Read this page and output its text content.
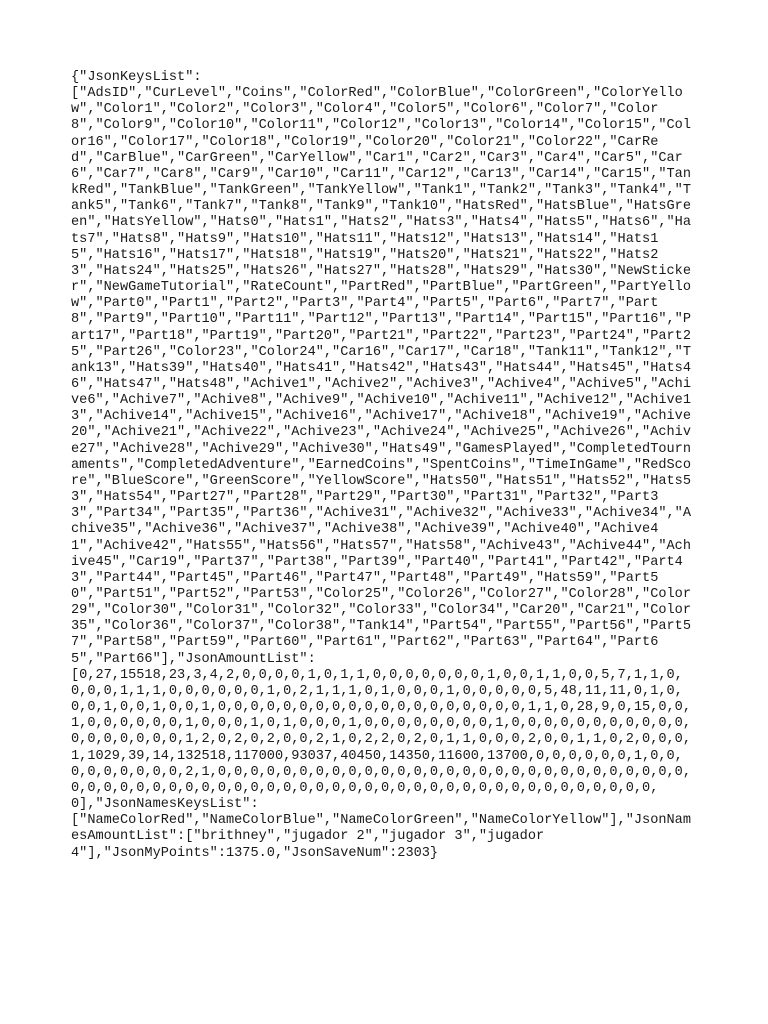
{"JsonKeysList":
["AdsID","CurLevel","Coins","ColorRed","ColorBlue","ColorGreen","ColorYellow","Color1","Color2","Color3","Color4","Color5","Color6","Color7","Color8","Color9","Color10","Color11","Color12","Color13","Color14","Color15","Color16","Color17","Color18","Color19","Color20","Color21","Color22","CarRed","CarBlue","CarGreen","CarYellow","Car1","Car2","Car3","Car4","Car5","Car6","Car7","Car8","Car9","Car10","Car11","Car12","Car13","Car14","Car15","TankRed","TankBlue","TankGreen","TankYellow","Tank1","Tank2","Tank3","Tank4","Tank5","Tank6","Tank7","Tank8","Tank9","Tank10","HatsRed","HatsBlue","HatsGreen","HatsYellow","Hats0","Hats1","Hats2","Hats3","Hats4","Hats5","Hats6","Hats7","Hats8","Hats9","Hats10","Hats11","Hats12","Hats13","Hats14","Hats15","Hats16","Hats17","Hats18","Hats19","Hats20","Hats21","Hats22","Hats23","Hats24","Hats25","Hats26","Hats27","Hats28","Hats29","Hats30","NewSticker","NewGameTutorial","RateCount","PartRed","PartBlue","PartGreen","PartYellow","Part0","Part1","Part2","Part3","Part4","Part5","Part6","Part7","Part8","Part9","Part10","Part11","Part12","Part13","Part14","Part15","Part16","Part17","Part18","Part19","Part20","Part21","Part22","Part23","Part24","Part25","Part26","Color23","Color24","Car16","Car17","Car18","Tank11","Tank12","Tank13","Hats39","Hats40","Hats41","Hats42","Hats43","Hats44","Hats45","Hats46","Hats47","Hats48","Achive1","Achive2","Achive3","Achive4","Achive5","Achive6","Achive7","Achive8","Achive9","Achive10","Achive11","Achive12","Achive13","Achive14","Achive15","Achive16","Achive17","Achive18","Achive19","Achive20","Achive21","Achive22","Achive23","Achive24","Achive25","Achive26","Achive27","Achive28","Achive29","Achive30","Hats49","GamesPlayed","CompletedTournaments","CompletedAdventure","EarnedCoins","SpentCoins","TimeInGame","RedScore","BlueScore","GreenScore","YellowScore","Hats50","Hats51","Hats52","Hats53","Hats54","Part27","Part28","Part29","Part30","Part31","Part32","Part33","Part34","Part35","Part36","Achive31","Achive32","Achive33","Achive34","Achive35","Achive36","Achive37","Achive38","Achive39","Achive40","Achive41","Achive42","Hats55","Hats56","Hats57","Hats58","Achive43","Achive44","Achive45","Car19","Part37","Part38","Part39","Part40","Part41","Part42","Part43","Part44","Part45","Part46","Part47","Part48","Part49","Hats59","Part50","Part51","Part52","Part53","Color25","Color26","Color27","Color28","Color29","Color30","Color31","Color32","Color33","Color34","Car20","Car21","Color35","Color36","Color37","Color38","Tank14","Part54","Part55","Part56","Part57","Part58","Part59","Part60","Part61","Part62","Part63","Part64","Part65","Part66"],"JsonAmountList":
[0,27,15518,23,3,4,2,0,0,0,0,1,0,1,1,0,0,0,0,0,0,0,1,0,0,1,1,0,0,5,7,1,1,0,0,0,0,1,1,1,0,0,0,0,0,0,1,0,2,1,1,1,0,1,0,0,0,1,0,0,0,0,0,5,48,11,11,0,1,0,0,0,1,0,0,1,0,0,1,0,0,0,0,0,0,0,0,0,0,0,0,0,0,0,0,0,0,0,1,1,0,28,9,0,15,0,0,1,0,0,0,0,0,0,1,0,0,0,1,0,1,0,0,0,1,0,0,0,0,0,0,0,0,1,0,0,0,0,0,0,0,0,0,0,0,0,0,0,0,0,0,0,1,2,0,2,0,2,0,0,2,1,0,2,2,0,2,0,1,1,0,0,0,2,0,0,1,1,0,2,0,0,0,1,1029,39,14,132518,117000,93037,40450,14350,11600,13700,0,0,0,0,0,0,1,0,0,0,0,0,0,0,0,0,2,1,0,0,0,0,0,0,0,0,0,0,0,0,0,0,0,0,0,0,0,0,0,0,0,0,0,0,0,0,0,0,0,0,0,0,0,0,0,0,0,0,0,0,0,0,0,0,0,0,0,0,0,0,0,0,0,0,0,0,0,0,0,0,0,0,0,0],"JsonNamesKeysList":
["NameColorRed","NameColorBlue","NameColorGreen","NameColorYellow"],"JsonNamesAmountList":["brithney","jugador 2","jugador 3","jugador
4"],"JsonMyPoints":1375.0,"JsonSaveNum":2303}
